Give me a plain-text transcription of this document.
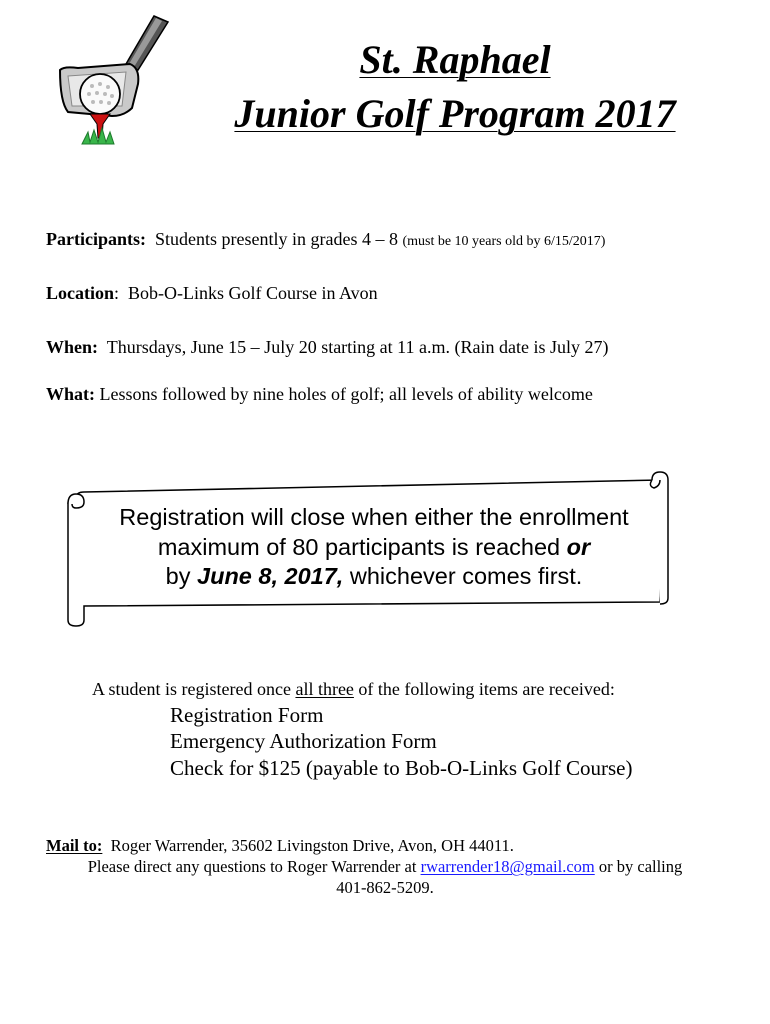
St. Raphael
Junior Golf Program 2017
Participants: Students presently in grades 4 – 8 (must be 10 years old by 6/15/2017)
Location:  Bob-O-Links Golf Course in Avon
When: Thursdays, June 15 – July 20 starting at 11 a.m. (Rain date is July 27)
What: Lessons followed by nine holes of golf; all levels of ability welcome
Registration will close when either the enrollment
maximum of 80 participants is reached or
by June 8, 2017, whichever comes first.
A student is registered once all three of the following items are received:
Registration Form
Emergency Authorization Form
Check for $125 (payable to Bob-O-Links Golf Course)
Mail to: Roger Warrender, 35602 Livingston Drive, Avon, OH 44011.
Please direct any questions to Roger Warrender at rwarrender18@gmail.com or by calling
401-862-5209.
